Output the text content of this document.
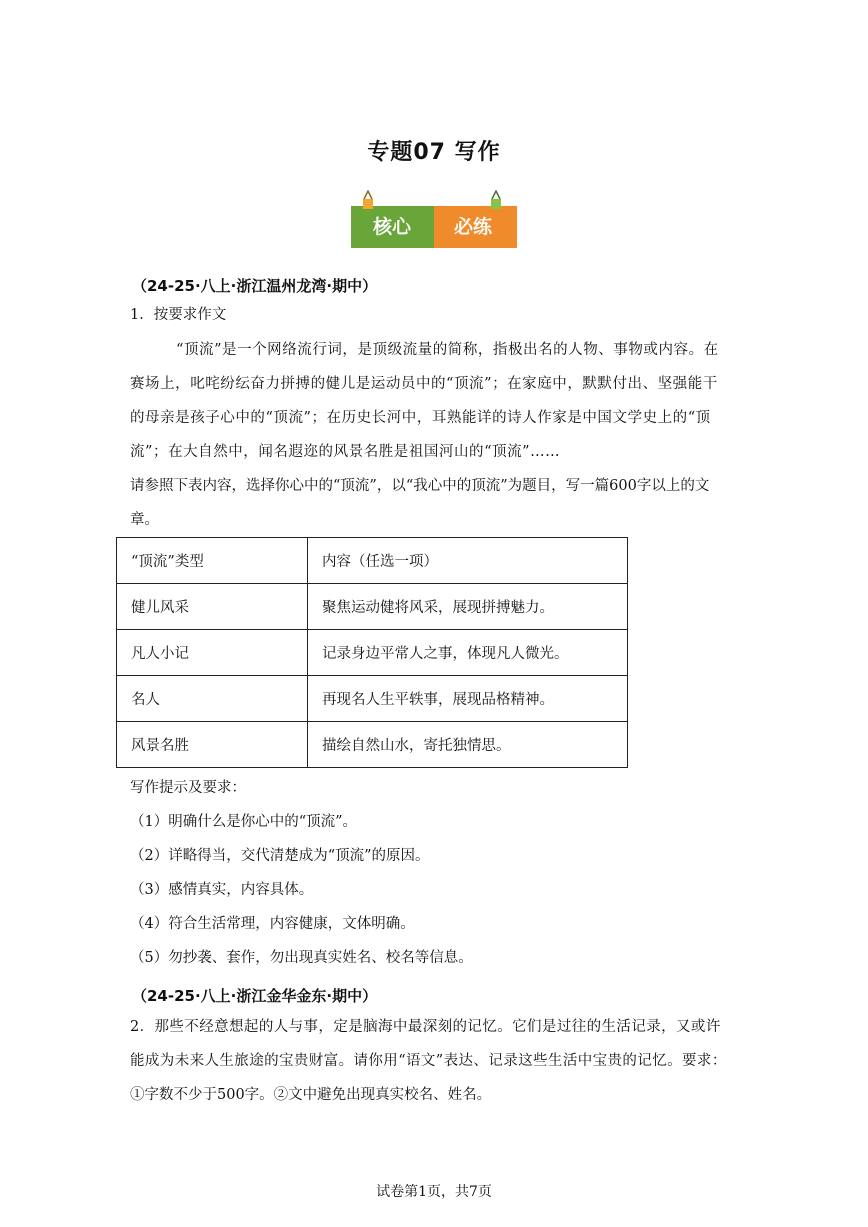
专题07 写作
核心 必练
（24-25·八上·浙江温州龙湾·期中）
1．按要求作文
“顶流”是一个网络流行词，是顶级流量的简称，指极出名的人物、事物或内容。在
赛场上，叱咤纷纭奋力拼搏的健儿是运动员中的“顶流”；在家庭中，默默付出、坚强能干
的母亲是孩子心中的“顶流”；在历史长河中，耳熟能详的诗人作家是中国文学史上的“顶
流”；在大自然中，闻名遐迩的风景名胜是祖国河山的“顶流”……
请参照下表内容，选择你心中的“顶流”，以“我心中的顶流”为题目，写一篇600字以上的文
章。
“顶流”类型	内容（任选一项）
健儿风采	聚焦运动健将风采，展现拼搏魅力。
凡人小记	记录身边平常人之事，体现凡人微光。
名人	再现名人生平轶事，展现品格精神。
风景名胜	描绘自然山水，寄托独情思。
写作提示及要求：
（1）明确什么是你心中的“顶流”。
（2）详略得当，交代清楚成为“顶流”的原因。
（3）感情真实，内容具体。
（4）符合生活常理，内容健康，文体明确。
（5）勿抄袭、套作，勿出现真实姓名、校名等信息。
（24-25·八上·浙江金华金东·期中）
2．那些不经意想起的人与事，定是脑海中最深刻的记忆。它们是过往的生活记录，又或许
能成为未来人生旅途的宝贵财富。请你用“语文”表达、记录这些生活中宝贵的记忆。要求：
①字数不少于500字。②文中避免出现真实校名、姓名。
试卷第1页，共7页
